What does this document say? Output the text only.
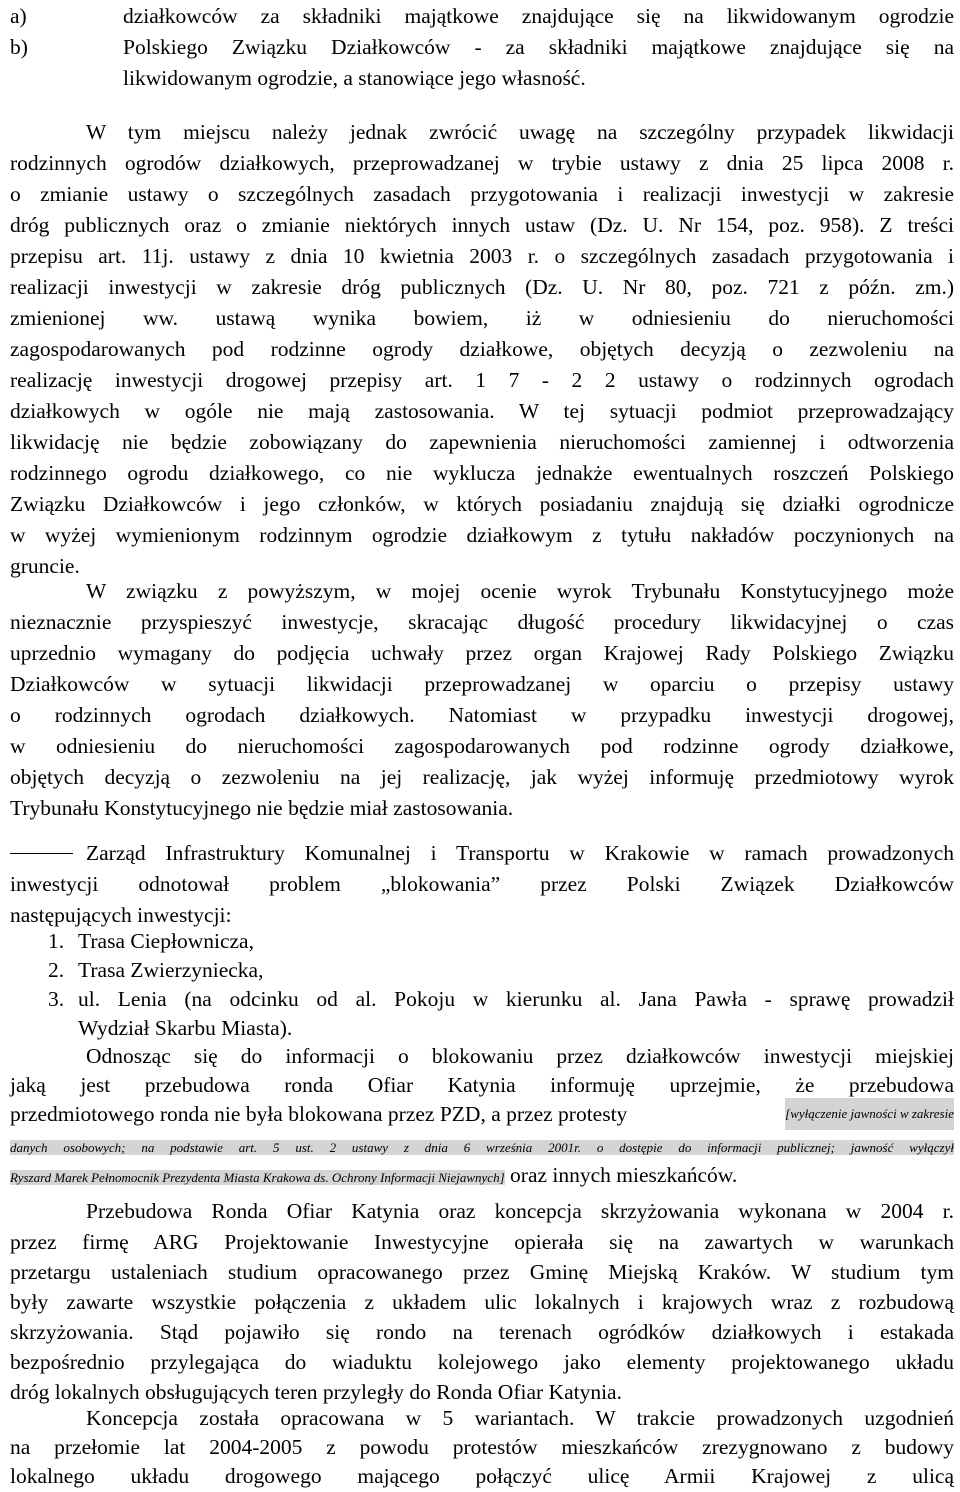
a)	działkowców za składniki majątkowe znajdujące się na likwidowanym ogrodzie
b)	Polskiego Związku Działkowców - za składniki majątkowe znajdujące się na
likwidowanym ogrodzie, a stanowiące jego własność.
W tym miejscu należy jednak zwrócić uwagę na szczególny przypadek likwidacji
rodzinnych ogrodów działkowych, przeprowadzanej w trybie ustawy z dnia 25 lipca 2008 r.
o zmianie ustawy o szczególnych zasadach przygotowania i realizacji inwestycji w zakresie
dróg publicznych oraz o zmianie niektórych innych ustaw (Dz. U. Nr 154, poz. 958). Z treści
przepisu art. 11j. ustawy z dnia 10 kwietnia 2003 r. o szczególnych zasadach przygotowania i
realizacji inwestycji w zakresie dróg publicznych (Dz. U. Nr 80, poz. 721 z późn. zm.)
zmienionej ww. ustawą wynika bowiem, iż w odniesieniu do nieruchomości
zagospodarowanych pod rodzinne ogrody działkowe, objętych decyzją o zezwoleniu na
realizację inwestycji drogowej przepisy art. 1 7 - 2 2 ustawy o rodzinnych ogrodach
działkowych w ogóle nie mają zastosowania. W tej sytuacji podmiot przeprowadzający
likwidację nie będzie zobowiązany do zapewnienia nieruchomości zamiennej i odtworzenia
rodzinnego ogrodu działkowego, co nie wyklucza jednakże ewentualnych roszczeń Polskiego
Związku Działkowców i jego członków, w których posiadaniu znajdują się działki ogrodnicze
w wyżej wymienionym rodzinnym ogrodzie działkowym z tytułu nakładów poczynionych na
gruncie.
W związku z powyższym, w mojej ocenie wyrok Trybunału Konstytucyjnego może
nieznacznie przyspieszyć inwestycje, skracając długość procedury likwidacyjnej o czas
uprzednio wymagany do podjęcia uchwały przez organ Krajowej Rady Polskiego Związku
Działkowców w sytuacji likwidacji przeprowadzanej w oparciu o przepisy ustawy
o rodzinnych ogrodach działkowych. Natomiast w przypadku inwestycji drogowej,
w odniesieniu do nieruchomości zagospodarowanych pod rodzinne ogrody działkowe,
objętych decyzją o zezwoleniu na jej realizację, jak wyżej informuję przedmiotowy wyrok
Trybunału Konstytucyjnego nie będzie miał zastosowania.
Zarząd Infrastruktury Komunalnej i Transportu w Krakowie w ramach prowadzonych
inwestycji odnotował problem „blokowania” przez Polski Związek Działkowców
następujących inwestycji:
1. Trasa Ciepłownicza,
2. Trasa Zwierzyniecka,
3. ul. Lenia (na odcinku od al. Pokoju w kierunku al. Jana Pawła - sprawę prowadził
Wydział Skarbu Miasta).
Odnosząc się do informacji o blokowaniu przez działkowców inwestycji miejskiej
jaką jest przebudowa ronda Ofiar Katynia informuję uprzejmie, że przebudowa
przedmiotowego ronda nie była blokowana przez PZD, a przez protesty	[wyłączenie jawności w zakresie
danych osobowych; na podstawie art. 5 ust. 2 ustawy z dnia 6 września 2001r. o dostępie do informacji publicznej; jawność wyłączył
Ryszard Marek Pełnomocnik Prezydenta Miasta Krakowa ds. Ochrony Informacji Niejawnych] oraz innych mieszkańców.
Przebudowa Ronda Ofiar Katynia oraz koncepcja skrzyżowania wykonana w 2004 r.
przez firmę ARG Projektowanie Inwestycyjne opierała się na zawartych w warunkach
przetargu ustaleniach studium opracowanego przez Gminę Miejską Kraków. W studium tym
były zawarte wszystkie połączenia z układem ulic lokalnych i krajowych wraz z rozbudową
skrzyżowania. Stąd pojawiło się rondo na terenach ogródków działkowych i estakada
bezpośrednio przylegająca do wiaduktu kolejowego jako elementy projektowanego układu
dróg lokalnych obsługujących teren przyległy do Ronda Ofiar Katynia.
Koncepcja została opracowana w 5 wariantach. W trakcie prowadzonych uzgodnień
na przełomie lat 2004-2005 z powodu protestów mieszkańców zrezygnowano z budowy
lokalnego układu drogowego mającego połączyć ulicę Armii Krajowej z ulicą
